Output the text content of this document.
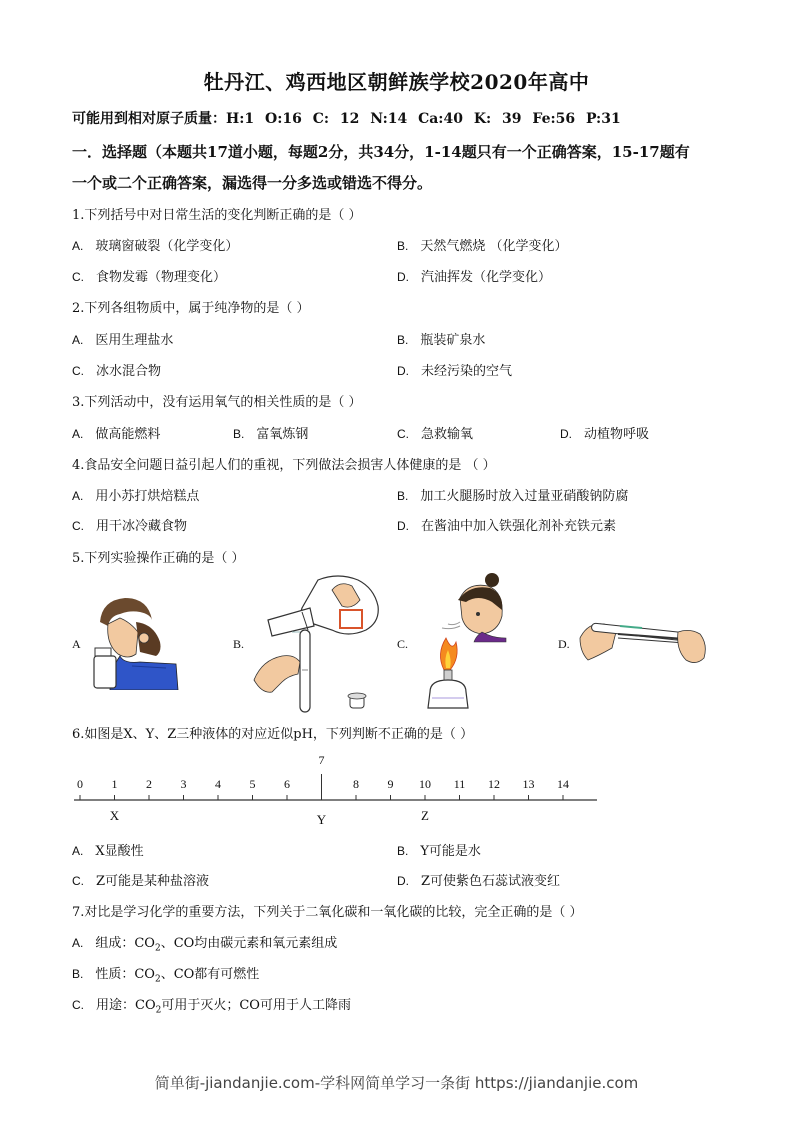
牡丹江、鸡西地区朝鲜族学校2020年高中
可能用到相对原子质量：H:1 O:16 C: 12 N:14 Ca:40 K: 39 Fe:56 P:31
一．选择题（本题共17道小题，每题2分，共34分，1-14题只有一个正确答案，15-17题有
一个或二个正确答案，漏选得一分多选或错选不得分。
1.下列括号中对日常生活的变化判断正确的是（ ）
A. 玻璃窗破裂（化学变化）	B. 天然气燃烧 （化学变化）
C. 食物发霉（物理变化）	D. 汽油挥发（化学变化）
2.下列各组物质中，属于纯净物的是（ ）
A. 医用生理盐水	B. 瓶装矿泉水
C. 冰水混合物	D. 未经污染的空气
3.下列活动中，没有运用氧气的相关性质的是（ ）
A. 做高能燃料	B. 富氧炼钢	C. 急救输氧	D. 动植物呼吸
4.食品安全问题日益引起人们的重视，下列做法会损害人体健康的是 （ ）
A. 用小苏打烘焙糕点	B. 加工火腿肠时放入过量亚硝酸钠防腐
C. 用干冰冷藏食物	D. 在酱油中加入铁强化剂补充铁元素
5.下列实验操作正确的是（ ）
A	B.	C.	D.
6.如图是X、Y、Z三种液体的对应近似pH，下列判断不正确的是（ ）
0 1 2 3 4 5 6
7
8 9 10 11 12 13 14
X	Y	Z
A. X显酸性	B. Y可能是水
C. Z可能是某种盐溶液	D. Z可使紫色石蕊试液变红
7.对比是学习化学的重要方法，下列关于二氧化碳和一氧化碳的比较，完全正确的是（ ）
A. 组成：$CO_2$、CO均由碳元素和氧元素组成
B. 性质：$CO_2$、CO都有可燃性
C. 用途：$CO_2$可用于灭火；CO可用于人工降雨
简单街-jiandanjie.com-学科网简单学习一条街 https://jiandanjie.com
